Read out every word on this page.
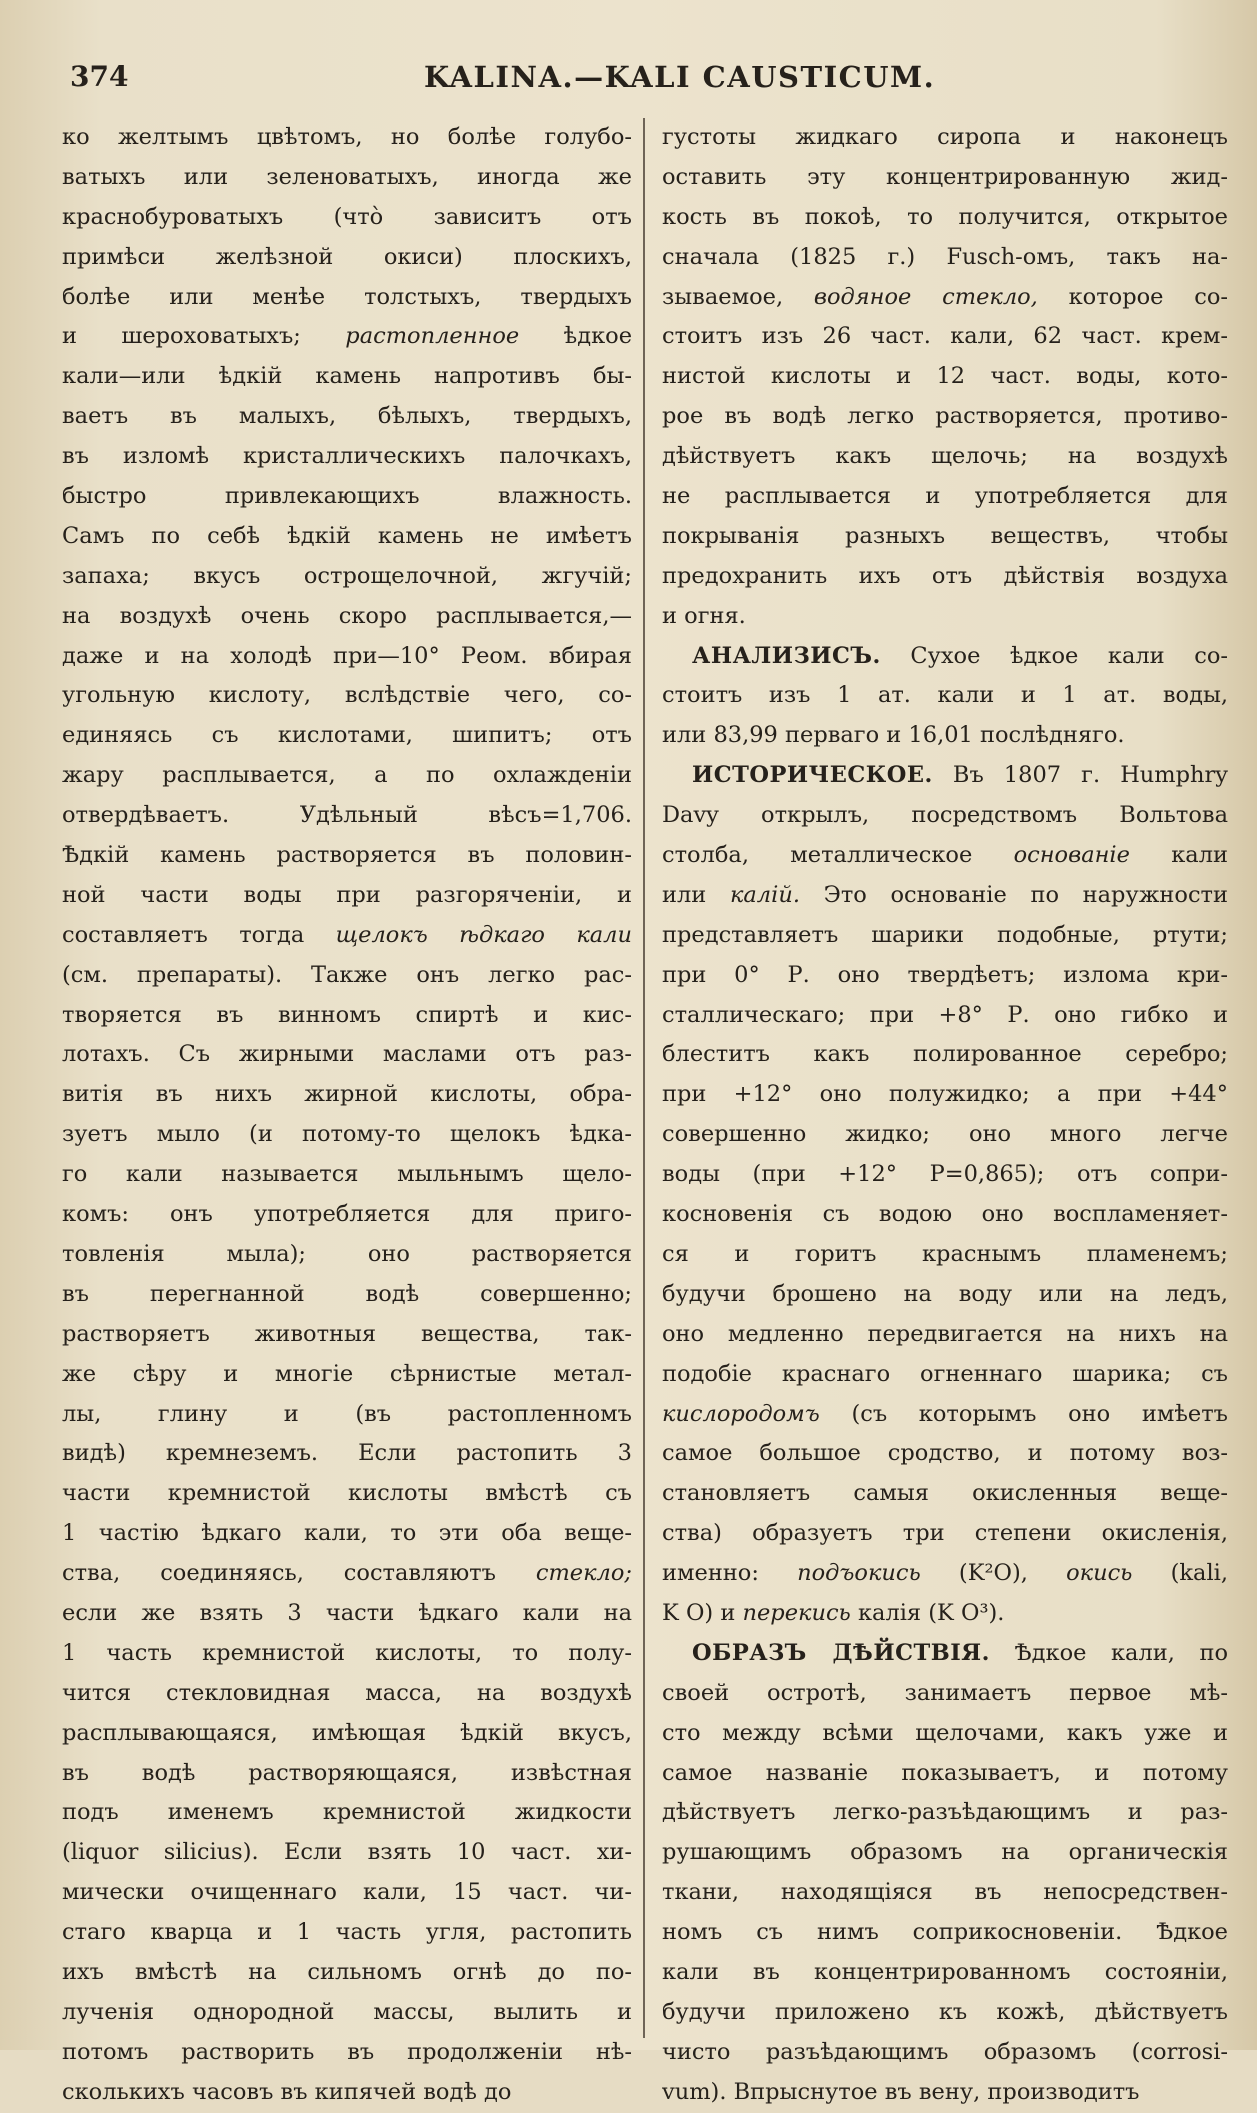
374	KALINA.—KALI CAUSTICUM.
ко желтымъ цвѣтомъ, но болѣе голубо-
ватыхъ или зеленоватыхъ, иногда же
краснобуроватыхъ (что̀ зависитъ отъ
примѣси желѣзной окиси) плоскихъ,
болѣе или менѣе толстыхъ, твердыхъ
и шероховатыхъ; растопленное ѣдкое
кали—или ѣдкій камень напротивъ бы-
ваетъ въ малыхъ, бѣлыхъ, твердыхъ,
въ изломѣ кристаллическихъ палочкахъ,
быстро привлекающихъ влажность.
Самъ по себѣ ѣдкій камень не имѣетъ
запаха; вкусъ острощелочной, жгучій;
на воздухѣ очень скоро расплывается,—
даже и на холодѣ при—10° Реом. вбирая
угольную кислоту, вслѣдствіе чего, со-
единяясь съ кислотами, шипитъ; отъ
жару расплывается, а по охлажденіи
отвердѣваетъ. Удѣльный вѣсъ=1,706.
Ѣдкій камень растворяется въ половин-
ной части воды при разгоряченіи, и
составляетъ тогда щелокъ ѣдкаго кали
(см. препараты). Также онъ легко рас-
творяется въ винномъ спиртѣ и кис-
лотахъ. Съ жирными маслами отъ раз-
витія въ нихъ жирной кислоты, обра-
зуетъ мыло (и потому-то щелокъ ѣдка-
го кали называется мыльнымъ щело-
комъ: онъ употребляется для приго-
товленія мыла); оно растворяется
въ перегнанной водѣ совершенно;
растворяетъ животныя вещества, так-
же сѣру и многіе сѣрнистые метал-
лы, глину и (въ растопленномъ
видѣ) кремнеземъ. Если растопить 3
части кремнистой кислоты вмѣстѣ съ
1 частію ѣдкаго кали, то эти оба веще-
ства, соединяясь, составляютъ стекло;
если же взять 3 части ѣдкаго кали на
1 часть кремнистой кислоты, то полу-
чится стекловидная масса, на воздухѣ
расплывающаяся, имѣющая ѣдкій вкусъ,
въ водѣ растворяющаяся, извѣстная
подъ именемъ кремнистой жидкости
(liquor silicius). Если взять 10 част. хи-
мически очищеннаго кали, 15 част. чи-
стаго кварца и 1 часть угля, растопить
ихъ вмѣстѣ на сильномъ огнѣ до по-
лученія однородной массы, вылить и
потомъ растворить въ продолженіи нѣ-
сколькихъ часовъ въ кипячей водѣ до
густоты жидкаго сиропа и наконецъ
оставить эту концентрированную жид-
кость въ покоѣ, то получится, открытое
сначала (1825 г.) Fusch-омъ, такъ на-
зываемое, водяное стекло, которое со-
стоитъ изъ 26 част. кали, 62 част. крем-
нистой кислоты и 12 част. воды, кото-
рое въ водѣ легко растворяется, противо-
дѣйствуетъ какъ щелочь; на воздухѣ
не расплывается и употребляется для
покрыванія разныхъ веществъ, чтобы
предохранить ихъ отъ дѣйствія воздуха
и огня.
АНАЛИЗИСЪ. Сухое ѣдкое кали со-
стоитъ изъ 1 ат. кали и 1 ат. воды,
или 83,99 перваго и 16,01 послѣдняго.
ИСТОРИЧЕСКОЕ. Въ 1807 г. Humphry
Davy открылъ, посредствомъ Вольтова
столба, металлическое основаніе кали
или калій. Это основаніе по наружности
представляетъ шарики подобные, ртути;
при 0° Р. оно твердѣетъ; излома кри-
сталлическаго; при +8° Р. оно гибко и
блеститъ какъ полированное серебро;
при +12° оно полужидко; а при +44°
совершенно жидко; оно много легче
воды (при +12° Р=0,865); отъ сопри-
косновенія съ водою оно воспламеняет-
ся и горитъ краснымъ пламенемъ;
будучи брошено на воду или на ледъ,
оно медленно передвигается на нихъ на
подобіе краснаго огненнаго шарика; съ
кислородомъ (съ которымъ оно имѣетъ
самое большое сродство, и потому воз-
становляетъ самыя окисленныя веще-
ства) образуетъ три степени окисленія,
именно: подъокись (K²O), окись (kali,
K O) и перекись калія (K O³).
ОБРАЗЪ ДѢЙСТВІЯ. Ѣдкое кали, по
своей остротѣ, занимаетъ первое мѣ-
сто между всѣми щелочами, какъ уже и
самое названіе показываетъ, и потому
дѣйствуетъ легко-разъѣдающимъ и раз-
рушающимъ образомъ на органическія
ткани, находящіяся въ непосредствен-
номъ съ нимъ соприкосновеніи. Ѣдкое
кали въ концентрированномъ состояніи,
будучи приложено къ кожѣ, дѣйствуетъ
чисто разъѣдающимъ образомъ (corrosi-
vum). Впрыснутое въ вену, производитъ
